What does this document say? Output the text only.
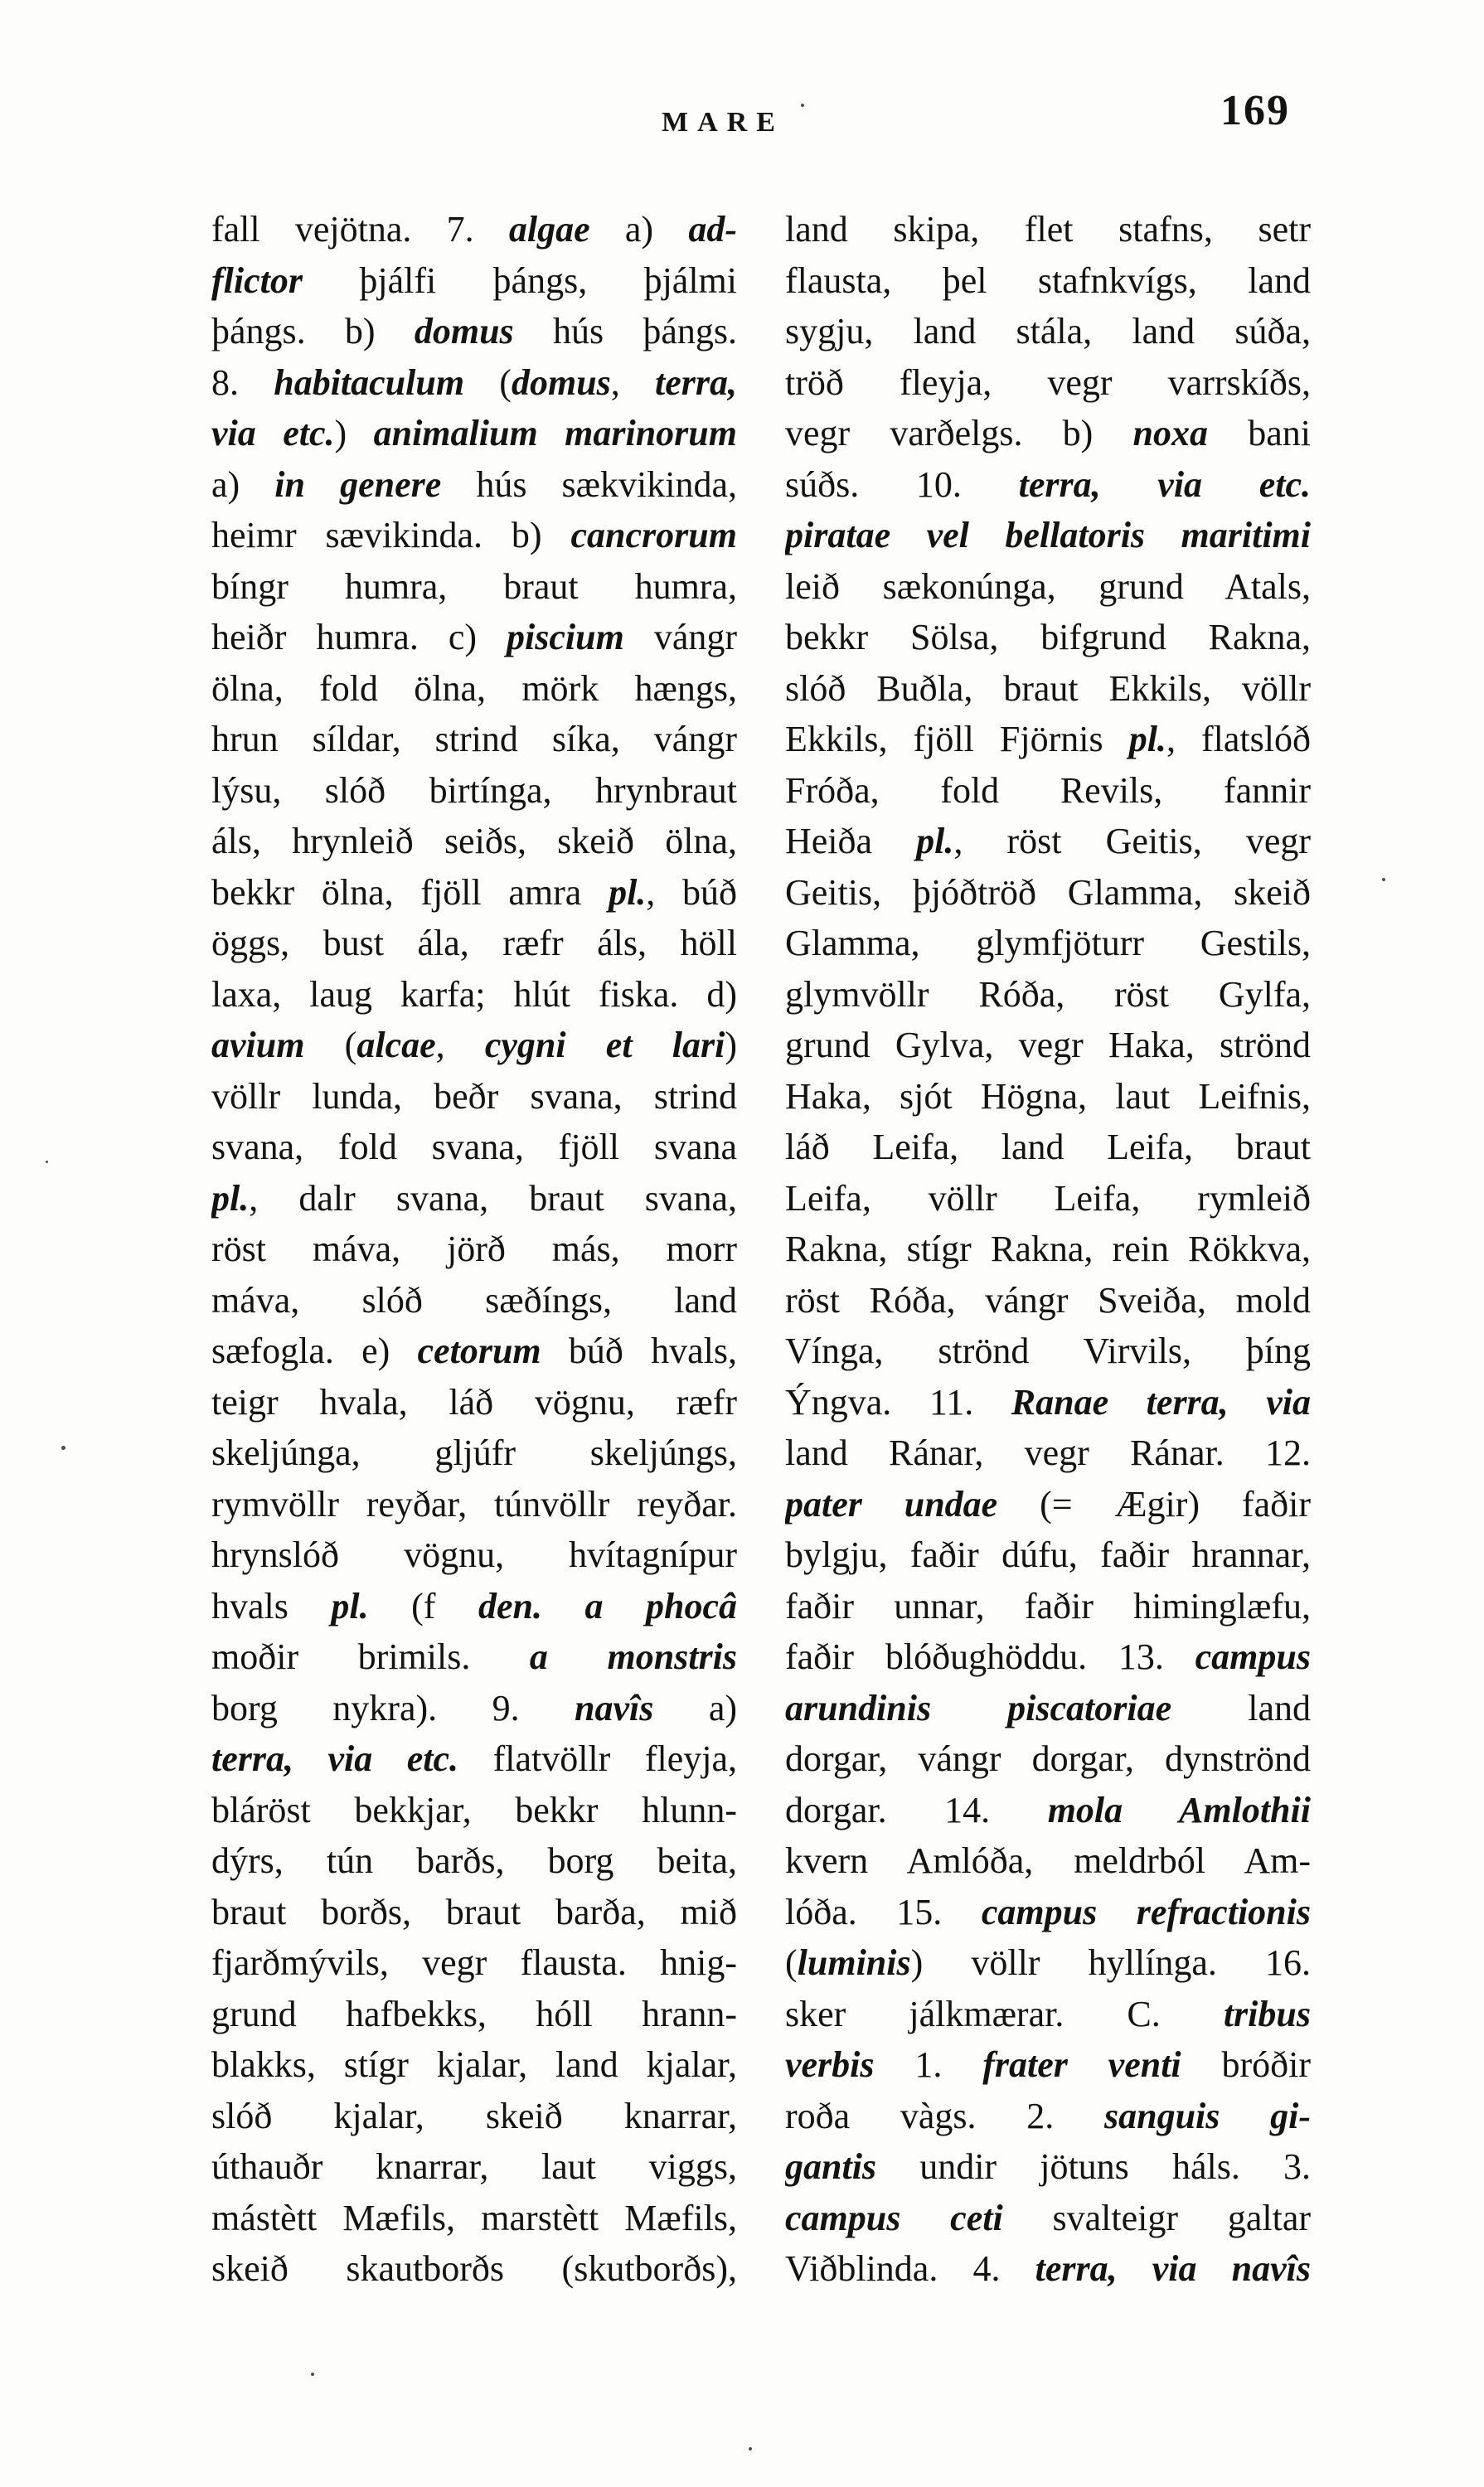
MARE	169
fall vejötna. 7. algae a) ad-
flictor þjálfi þángs, þjálmi
þángs. b) domus hús þángs.
8. habitaculum (domus, terra,
via etc.) animalium marinorum
a) in genere hús sækvikinda,
heimr sævikinda. b) cancrorum
bíngr humra, braut humra,
heiðr humra. c) piscium vángr
ölna, fold ölna, mörk hængs,
hrun síldar, strind síka, vángr
lýsu, slóð birtínga, hrynbraut
áls, hrynleið seiðs, skeið ölna,
bekkr ölna, fjöll amra pl., búð
öggs, bust ála, ræfr áls, höll
laxa, laug karfa; hlút fiska. d)
avium (alcae, cygni et lari)
völlr lunda, beðr svana, strind
svana, fold svana, fjöll svana
pl., dalr svana, braut svana,
röst máva, jörð más, morr
máva, slóð sæðíngs, land
sæfogla. e) cetorum búð hvals,
teigr hvala, láð vögnu, ræfr
skeljúnga, gljúfr skeljúngs,
rymvöllr reyðar, túnvöllr reyðar.
hrynslóð vögnu, hvítagnípur
hvals pl. (f den. a phocâ
moðir brimils. a monstris
borg nykra). 9. navîs a)
terra, via etc. flatvöllr fleyja,
bláröst bekkjar, bekkr hlunn-
dýrs, tún barðs, borg beita,
braut borðs, braut barða, mið
fjarðmývils, vegr flausta. hnig-
grund hafbekks, hóll hrann-
blakks, stígr kjalar, land kjalar,
slóð kjalar, skeið knarrar,
úthauðr knarrar, laut viggs,
mástètt Mæfils, marstètt Mæfils,
skeið skautborðs (skutborðs),
land skipa, flet stafns, setr
flausta, þel stafnkvígs, land
sygju, land stála, land súða,
tröð fleyja, vegr varrskíðs,
vegr varðelgs. b) noxa bani
súðs. 10. terra, via etc.
piratae vel bellatoris maritimi
leið sækonúnga, grund Atals,
bekkr Sölsa, bifgrund Rakna,
slóð Buðla, braut Ekkils, völlr
Ekkils, fjöll Fjörnis pl., flatslóð
Fróða, fold Revils, fannir
Heiða pl., röst Geitis, vegr
Geitis, þjóðtröð Glamma, skeið
Glamma, glymfjöturr Gestils,
glymvöllr Róða, röst Gylfa,
grund Gylva, vegr Haka, strönd
Haka, sjót Högna, laut Leifnis,
láð Leifa, land Leifa, braut
Leifa, völlr Leifa, rymleið
Rakna, stígr Rakna, rein Rökkva,
röst Róða, vángr Sveiða, mold
Vínga, strönd Virvils, þíng
Ýngva. 11. Ranae terra, via
land Ránar, vegr Ránar. 12.
pater undae (= Ægir) faðir
bylgju, faðir dúfu, faðir hrannar,
faðir unnar, faðir himinglæfu,
faðir blóðughöddu. 13. campus
arundinis piscatoriae land
dorgar, vángr dorgar, dynströnd
dorgar. 14. mola Amlothii
kvern Amlóða, meldrból Am-
lóða. 15. campus refractionis
(luminis) völlr hyllínga. 16.
sker jálkmærar. C. tribus
verbis 1. frater venti bróðir
roða vàgs. 2. sanguis gi-
gantis undir jötuns háls. 3.
campus ceti svalteigr galtar
Viðblinda. 4. terra, via navîs
